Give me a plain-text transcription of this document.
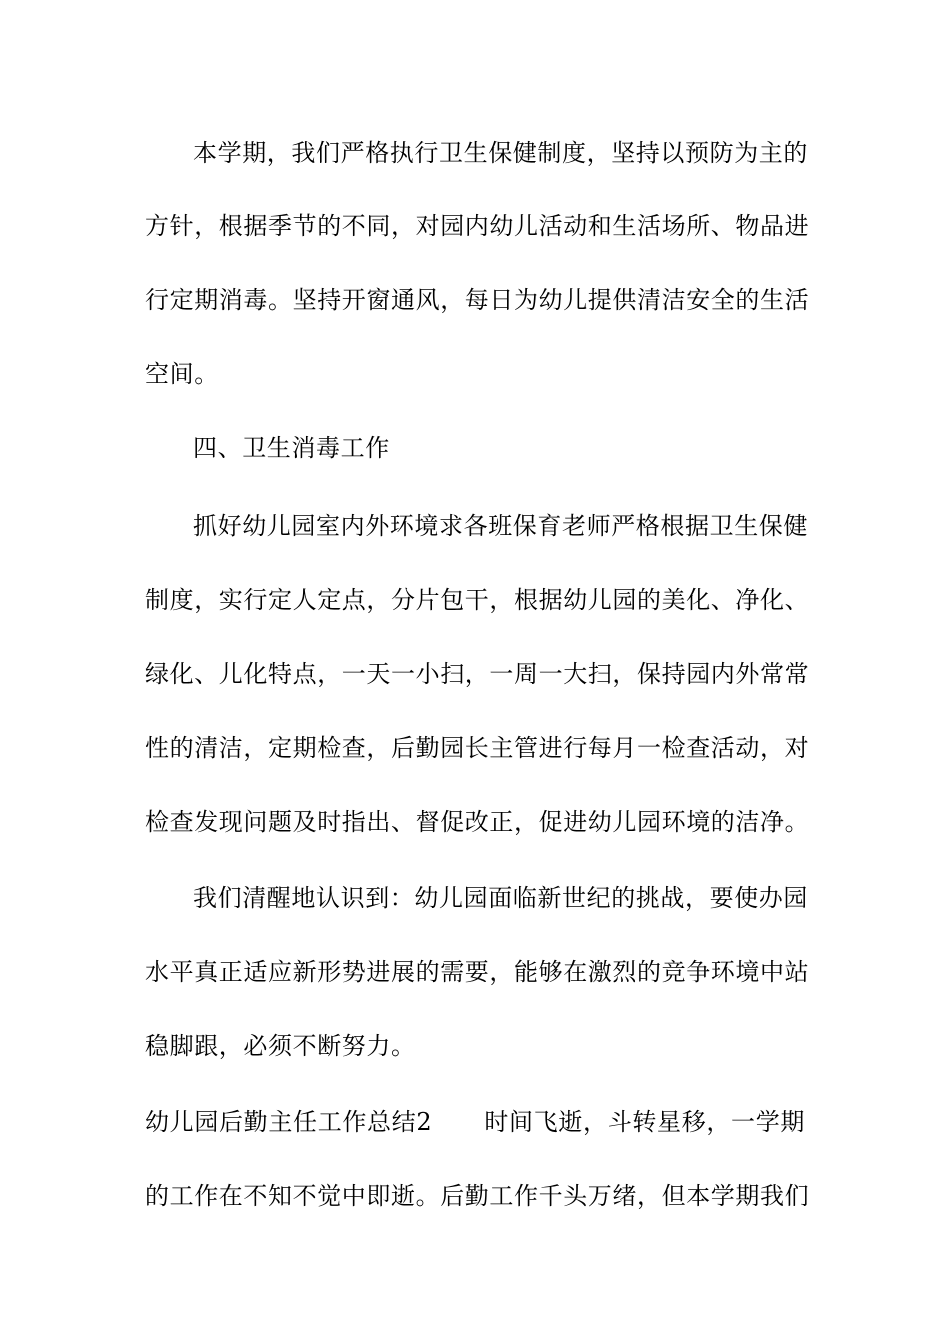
本学期，我们严格执行卫生保健制度，坚持以预防为主的
方针，根据季节的不同，对园内幼儿活动和生活场所、物品进
行定期消毒。坚持开窗通风，每日为幼儿提供清洁安全的生活
空间。
四、卫生消毒工作
抓好幼儿园室内外环境求各班保育老师严格根据卫生保健
制度，实行定人定点，分片包干，根据幼儿园的美化、净化、
绿化、儿化特点，一天一小扫，一周一大扫，保持园内外常常
性的清洁，定期检查，后勤园长主管进行每月一检查活动，对
检查发现问题及时指出、督促改正，促进幼儿园环境的洁净。
我们清醒地认识到：幼儿园面临新世纪的挑战，要使办园
水平真正适应新形势进展的需要，能够在激烈的竞争环境中站
稳脚跟，必须不断努力。
幼儿园后勤主任工作总结2 时间飞逝，斗转星移，一学期
的工作在不知不觉中即逝。后勤工作千头万绪，但本学期我们
